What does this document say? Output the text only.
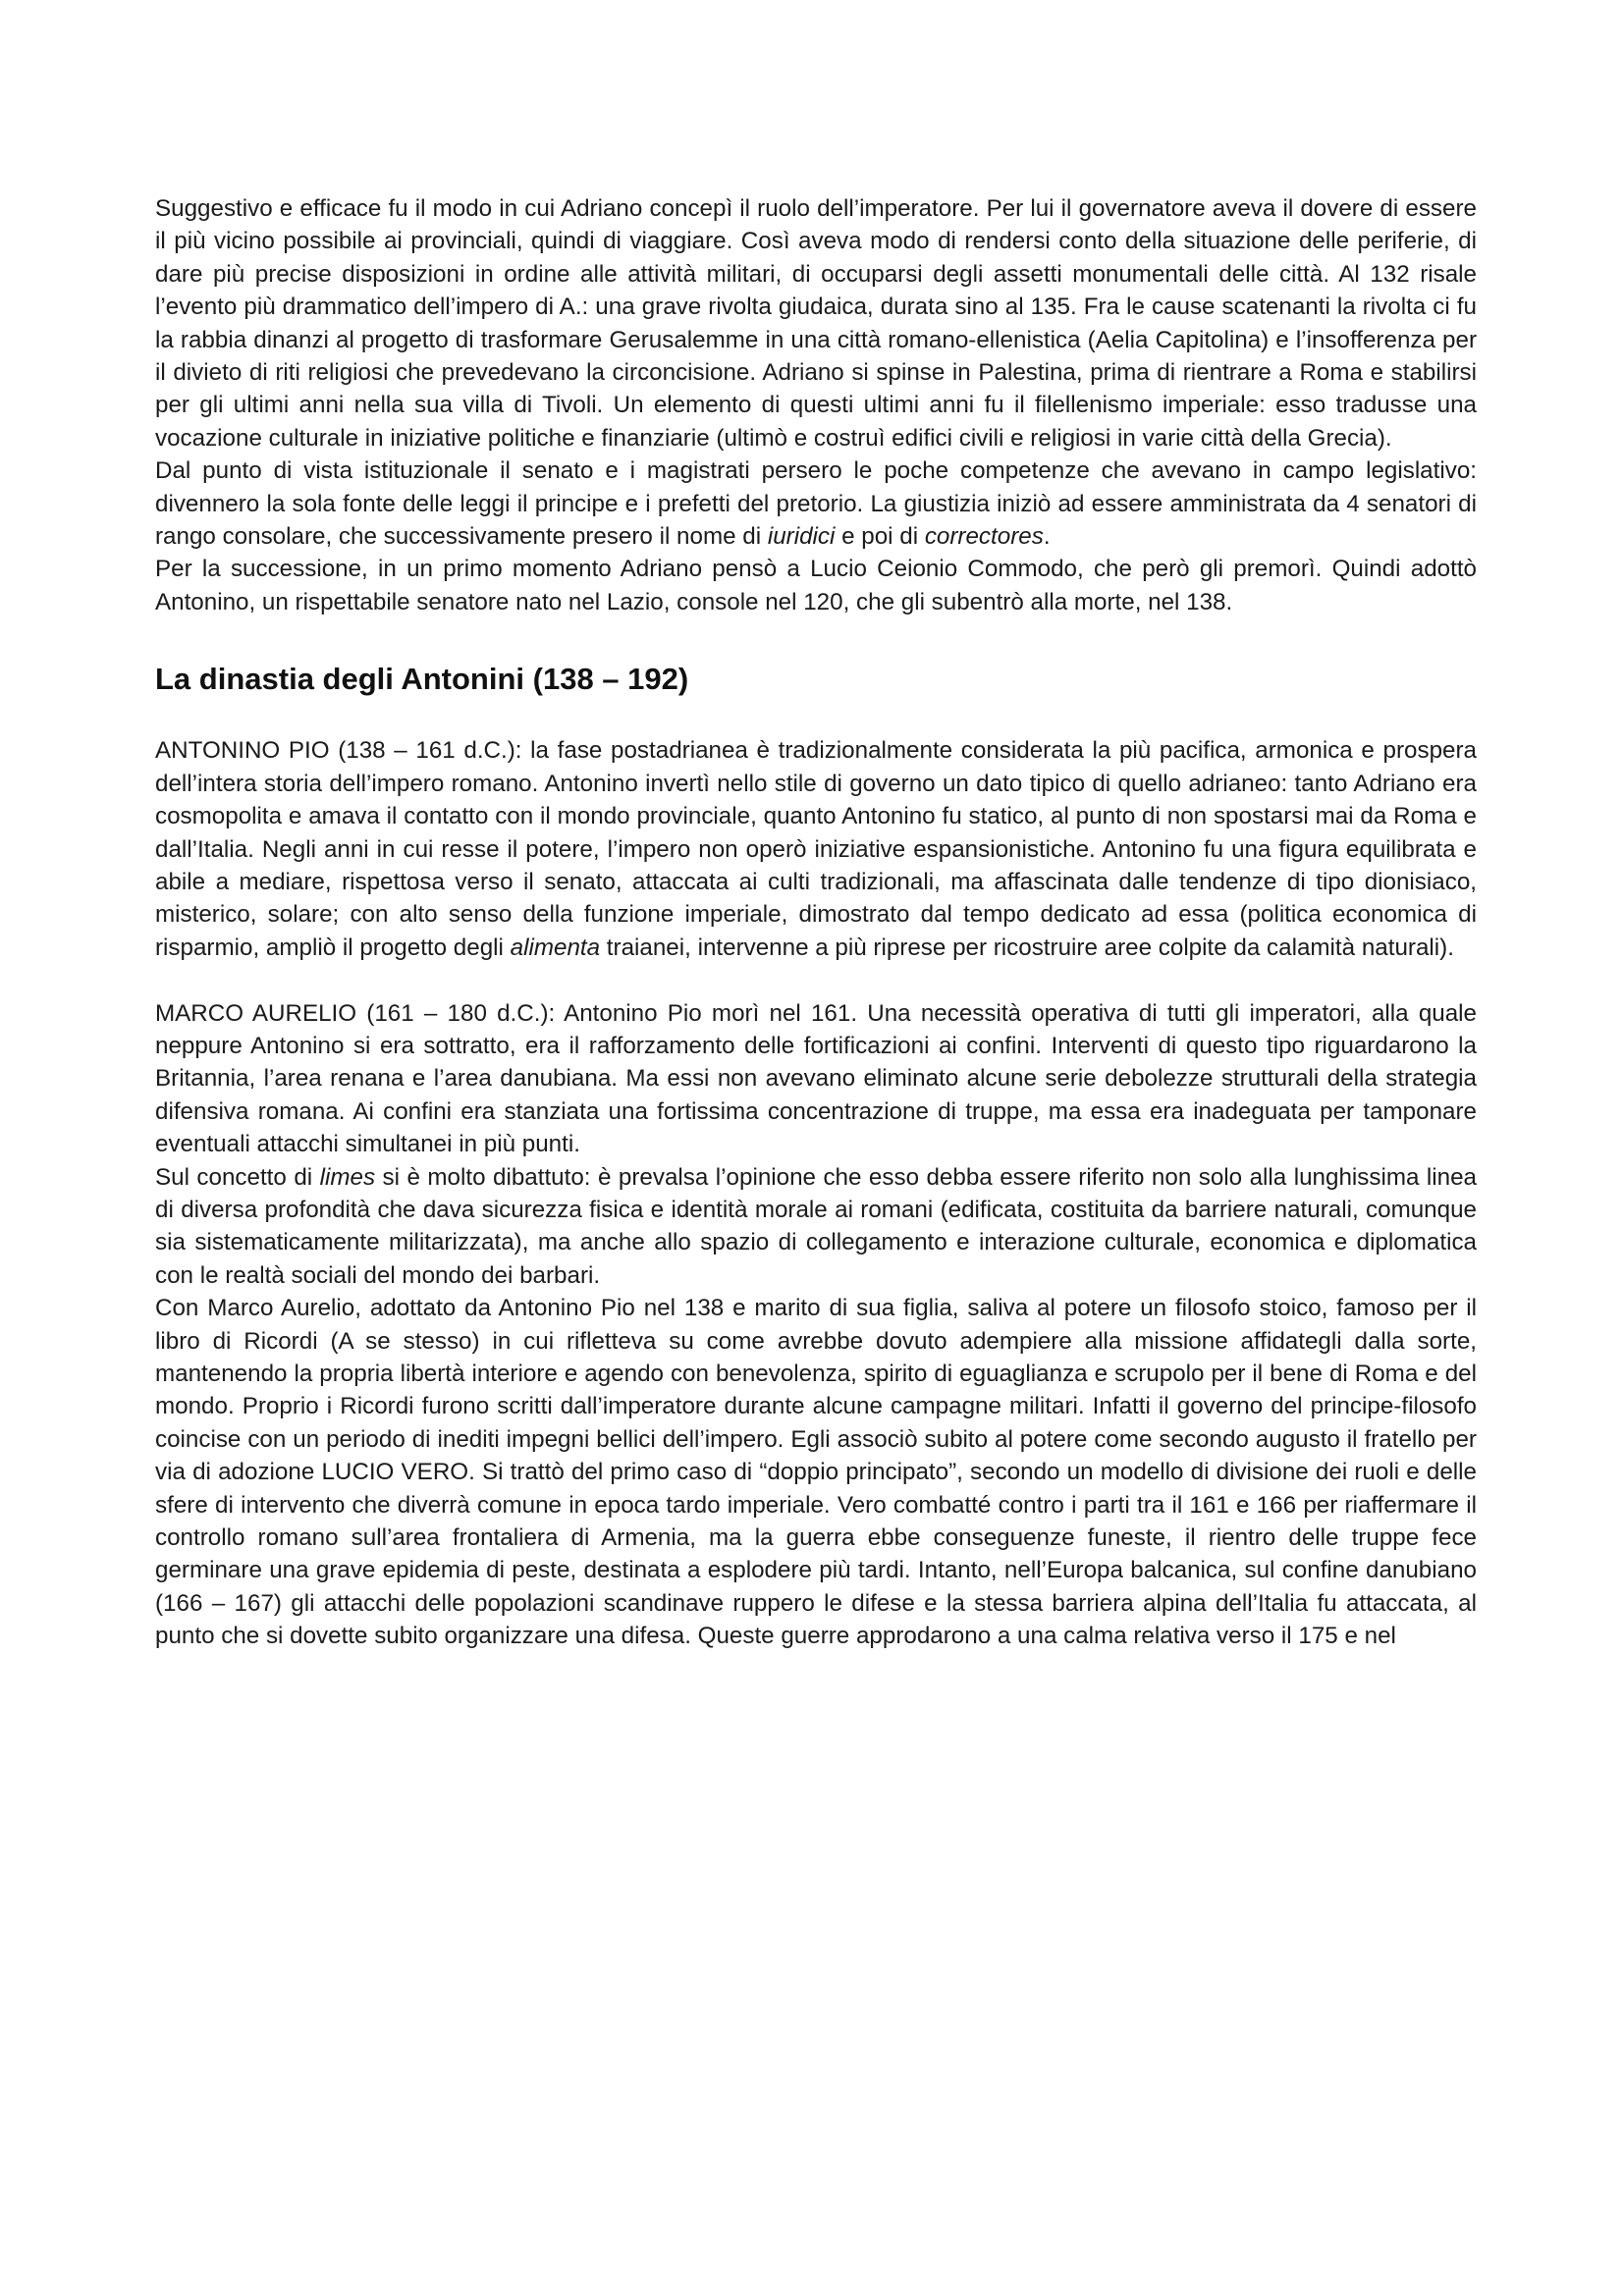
Suggestivo e efficace fu il modo in cui Adriano concepì il ruolo dell’imperatore. Per lui il governatore aveva il dovere di essere il più vicino possibile ai provinciali, quindi di viaggiare. Così aveva modo di rendersi conto della situazione delle periferie, di dare più precise disposizioni in ordine alle attività militari, di occuparsi degli assetti monumentali delle città. Al 132 risale l’evento più drammatico dell’impero di A.: una grave rivolta giudaica, durata sino al 135. Fra le cause scatenanti la rivolta ci fu la rabbia dinanzi al progetto di trasformare Gerusalemme in una città romano-ellenistica (Aelia Capitolina) e l’insofferenza per il divieto di riti religiosi che prevedevano la circoncisione. Adriano si spinse in Palestina, prima di rientrare a Roma e stabilirsi per gli ultimi anni nella sua villa di Tivoli. Un elemento di questi ultimi anni fu il filellenismo imperiale: esso tradusse una vocazione culturale in iniziative politiche e finanziarie (ultimò e costruì edifici civili e religiosi in varie città della Grecia).

Dal punto di vista istituzionale il senato e i magistrati persero le poche competenze che avevano in campo legislativo: divennero la sola fonte delle leggi il principe e i prefetti del pretorio. La giustizia iniziò ad essere amministrata da 4 senatori di rango consolare, che successivamente presero il nome di iuridici e poi di correctores.

Per la successione, in un primo momento Adriano pensò a Lucio Ceionio Commodo, che però gli premorì. Quindi adottò Antonino, un rispettabile senatore nato nel Lazio, console nel 120, che gli subentrò alla morte, nel 138.

La dinastia degli Antonini (138 – 192)

ANTONINO PIO (138 – 161 d.C.): la fase postadrianea è tradizionalmente considerata la più pacifica, armonica e prospera dell’intera storia dell’impero romano. Antonino invertì nello stile di governo un dato tipico di quello adrianeo: tanto Adriano era cosmopolita e amava il contatto con il mondo provinciale, quanto Antonino fu statico, al punto di non spostarsi mai da Roma e dall’Italia. Negli anni in cui resse il potere, l’impero non operò iniziative espansionistiche. Antonino fu una figura equilibrata e abile a mediare, rispettosa verso il senato, attaccata ai culti tradizionali, ma affascinata dalle tendenze di tipo dionisiaco, misterico, solare; con alto senso della funzione imperiale, dimostrato dal tempo dedicato ad essa (politica economica di risparmio, ampliò il progetto degli alimenta traianei, intervenne a più riprese per ricostruire aree colpite da calamità naturali).

MARCO AURELIO (161 – 180 d.C.): Antonino Pio morì nel 161. Una necessità operativa di tutti gli imperatori, alla quale neppure Antonino si era sottratto, era il rafforzamento delle fortificazioni ai confini. Interventi di questo tipo riguardarono la Britannia, l’area renana e l’area danubiana. Ma essi non avevano eliminato alcune serie debolezze strutturali della strategia difensiva romana. Ai confini era stanziata una fortissima concentrazione di truppe, ma essa era inadeguata per tamponare eventuali attacchi simultanei in più punti.

Sul concetto di limes si è molto dibattuto: è prevalsa l’opinione che esso debba essere riferito non solo alla lunghissima linea di diversa profondità che dava sicurezza fisica e identità morale ai romani (edificata, costituita da barriere naturali, comunque sia sistematicamente militarizzata), ma anche allo spazio di collegamento e interazione culturale, economica e diplomatica con le realtà sociali del mondo dei barbari.

Con Marco Aurelio, adottato da Antonino Pio nel 138 e marito di sua figlia, saliva al potere un filosofo stoico, famoso per il libro di Ricordi (A se stesso) in cui rifletteva su come avrebbe dovuto adempiere alla missione affidategli dalla sorte, mantenendo la propria libertà interiore e agendo con benevolenza, spirito di eguaglianza e scrupolo per il bene di Roma e del mondo. Proprio i Ricordi furono scritti dall’imperatore durante alcune campagne militari. Infatti il governo del principe-filosofo coincise con un periodo di inediti impegni bellici dell’impero. Egli associò subito al potere come secondo augusto il fratello per via di adozione LUCIO VERO. Si trattò del primo caso di “doppio principato”, secondo un modello di divisione dei ruoli e delle sfere di intervento che diverrà comune in epoca tardo imperiale. Vero combatté contro i parti tra il 161 e 166 per riaffermare il controllo romano sull’area frontaliera di Armenia, ma la guerra ebbe conseguenze funeste, il rientro delle truppe fece germinare una grave epidemia di peste, destinata a esplodere più tardi. Intanto, nell’Europa balcanica, sul confine danubiano (166 – 167) gli attacchi delle popolazioni scandinave ruppero le difese e la stessa barriera alpina dell’Italia fu attaccata, al punto che si dovette subito organizzare una difesa. Queste guerre approdarono a una calma relativa verso il 175 e nel
